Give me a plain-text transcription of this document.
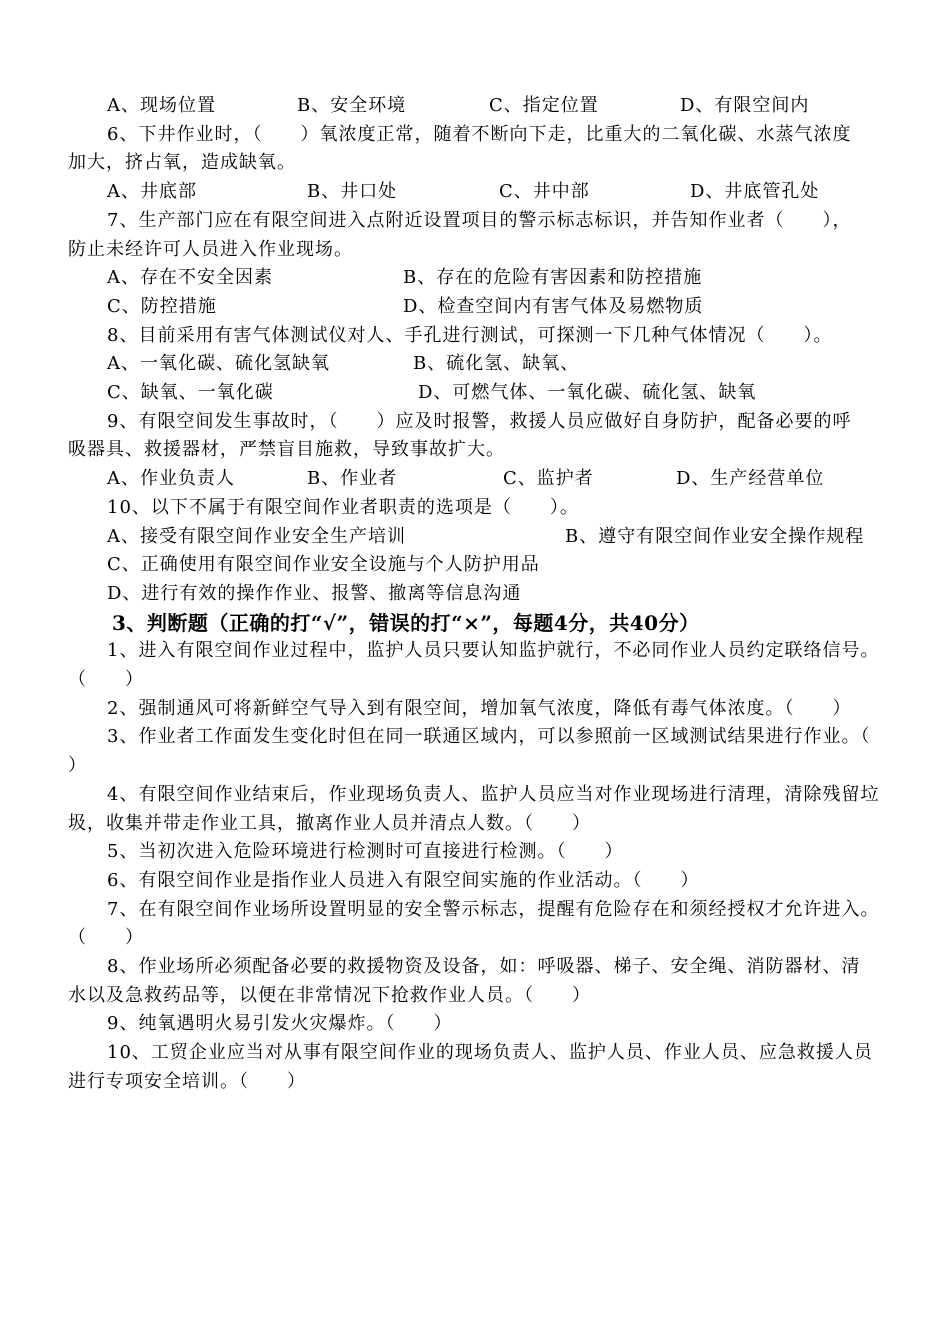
A、现场位置	B、安全环境	C、指定位置	D、有限空间内
6、下井作业时，（　　）氧浓度正常，随着不断向下走，比重大的二氧化碳、水蒸气浓度
加大，挤占氧，造成缺氧。
A、井底部	B、井口处	C、井中部	D、井底管孔处
7、生产部门应在有限空间进入点附近设置项目的警示标志标识，并告知作业者（　　），
防止未经许可人员进入作业现场。
A、存在不安全因素	B、存在的危险有害因素和防控措施
C、防控措施	D、检查空间内有害气体及易燃物质
8、目前采用有害气体测试仪对人、手孔进行测试，可探测一下几种气体情况（　　）。
A、一氧化碳、硫化氢缺氧	B、硫化氢、缺氧、
C、缺氧、一氧化碳	D、可燃气体、一氧化碳、硫化氢、缺氧
9、有限空间发生事故时，（　　）应及时报警，救援人员应做好自身防护，配备必要的呼
吸器具、救援器材，严禁盲目施救，导致事故扩大。
A、作业负责人	B、作业者	C、监护者	D、生产经营单位
10、以下不属于有限空间作业者职责的选项是（　　）。
A、接受有限空间作业安全生产培训	B、遵守有限空间作业安全操作规程
C、正确使用有限空间作业安全设施与个人防护用品
D、进行有效的操作作业、报警、撤离等信息沟通
3、判断题（正确的打“√”，错误的打“×”，每题4分，共40分）
1、进入有限空间作业过程中，监护人员只要认知监护就行，不必同作业人员约定联络信号。
（　　）
2、强制通风可将新鲜空气导入到有限空间，增加氧气浓度，降低有毒气体浓度。（　　）
3、作业者工作面发生变化时但在同一联通区域内，可以参照前一区域测试结果进行作业。（
）
4、有限空间作业结束后，作业现场负责人、监护人员应当对作业现场进行清理，清除残留垃
圾，收集并带走作业工具，撤离作业人员并清点人数。（　　）
5、当初次进入危险环境进行检测时可直接进行检测。（　　）
6、有限空间作业是指作业人员进入有限空间实施的作业活动。（　　）
7、在有限空间作业场所设置明显的安全警示标志，提醒有危险存在和须经授权才允许进入。
（　　）
8、作业场所必须配备必要的救援物资及设备，如：呼吸器、梯子、安全绳、消防器材、清
水以及急救药品等，以便在非常情况下抢救作业人员。（　　）
9、纯氧遇明火易引发火灾爆炸。（　　）
10、工贸企业应当对从事有限空间作业的现场负责人、监护人员、作业人员、应急救援人员
进行专项安全培训。（　　）
